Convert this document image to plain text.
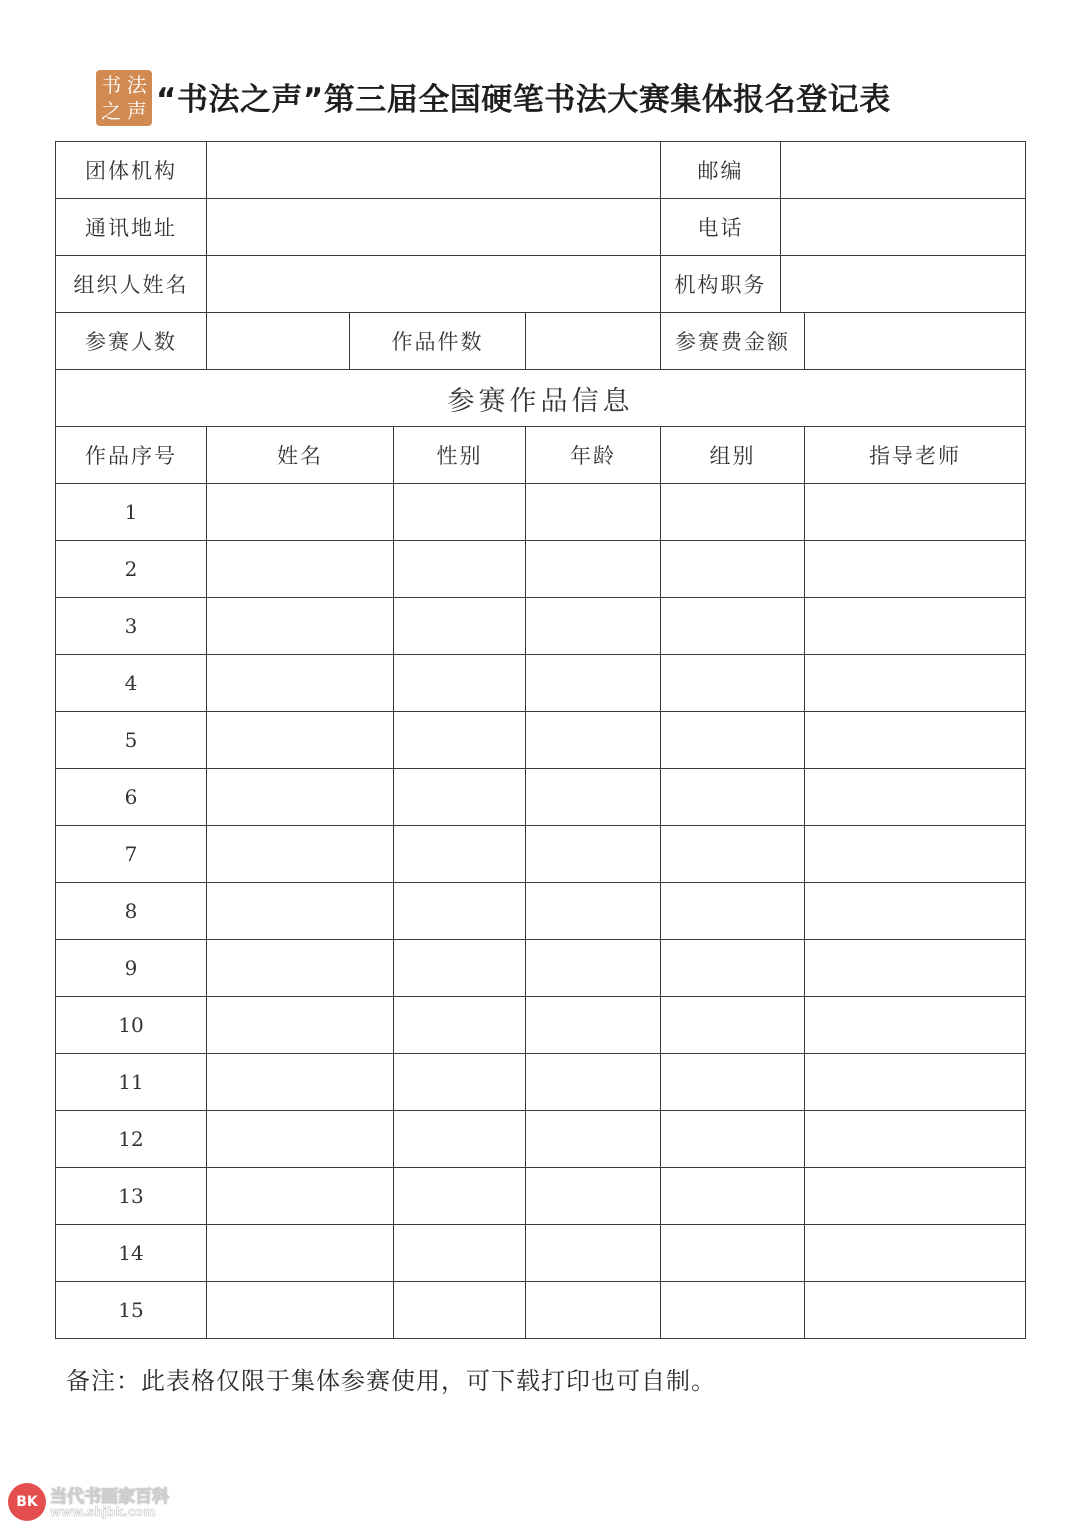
书 法
之 声 “书法之声”第三届全国硬笔书法大赛集体报名登记表
团体机构					邮编		
通讯地址					电话		
组织人姓名					机构职务		
参赛人数		作品件数			参赛费金额		
参赛作品信息							
作品序号	姓名		性别	年龄	组别		指导老师
1							
2							
3							
4							
5							
6							
7							
8							
9							
10							
11							
12							
13							
14							
15							
备注：此表格仅限于集体参赛使用，可下载打印也可自制。
BK 当代书画家百科
www.shjbk.com
